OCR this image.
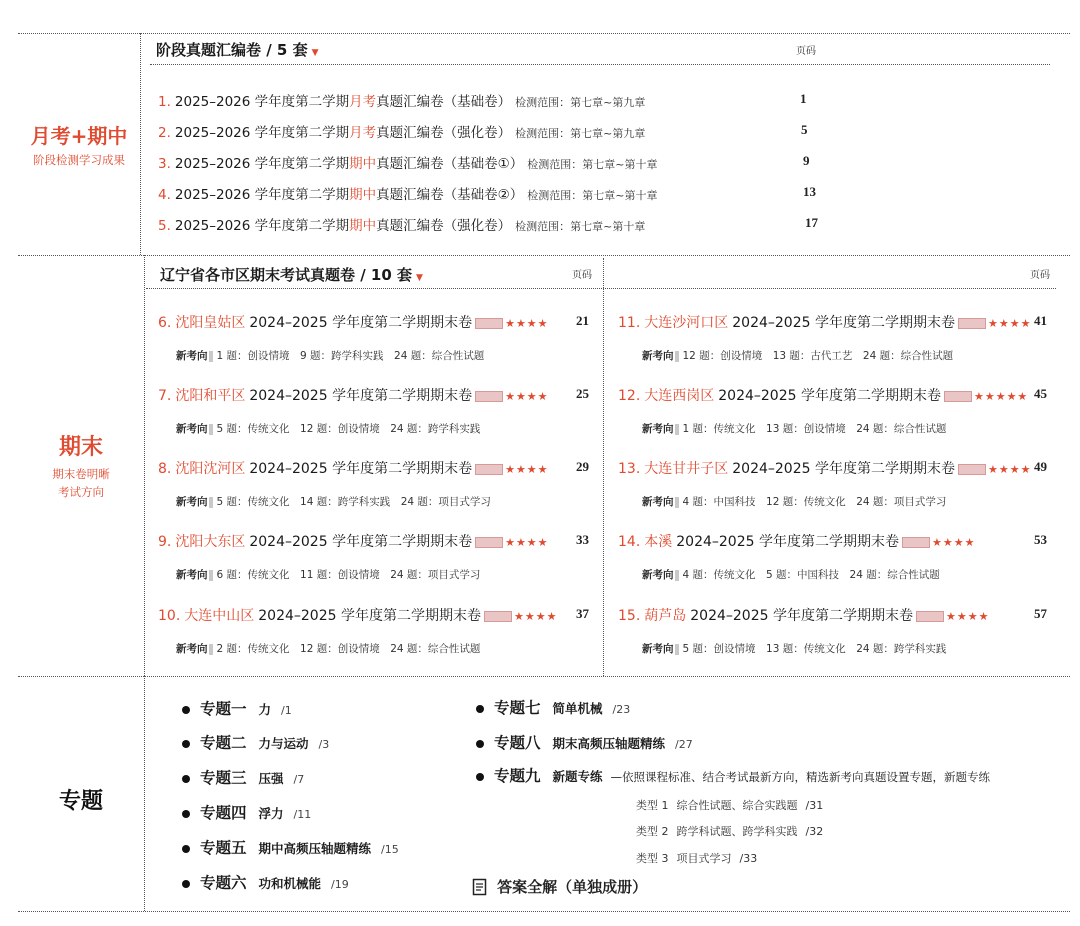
月考+期中
阶段检测学习成果
阶段真题汇编卷 / 5 套 ▼	页码
1. 2025–2026 学年度第二学期月考真题汇编卷（基础卷） 检测范围：第七章~第九章	1
2. 2025–2026 学年度第二学期月考真题汇编卷（强化卷） 检测范围：第七章~第九章	5
3. 2025–2026 学年度第二学期期中真题汇编卷（基础卷①） 检测范围：第七章~第十章	9
4. 2025–2026 学年度第二学期期中真题汇编卷（基础卷②） 检测范围：第七章~第十章	13
5. 2025–2026 学年度第二学期期中真题汇编卷（强化卷） 检测范围：第七章~第十章	17
期末
期末卷明晰
考试方向
辽宁省各市区期末考试真题卷 / 10 套 ▼	页码	页码
6. 沈阳皇姑区 2024–2025 学年度第二学期期末卷	★★★★ 21
新考向 1 题：创设情境　9 题：跨学科实践　24 题：综合性试题
7. 沈阳和平区 2024–2025 学年度第二学期期末卷	★★★★ 25
新考向 5 题：传统文化　12 题：创设情境　24 题：跨学科实践
8. 沈阳沈河区 2024–2025 学年度第二学期期末卷	★★★★ 29
新考向 5 题：传统文化　14 题：跨学科实践　24 题：项目式学习
9. 沈阳大东区 2024–2025 学年度第二学期期末卷	★★★★ 33
新考向 6 题：传统文化　11 题：创设情境　24 题：项目式学习
10. 大连中山区 2024–2025 学年度第二学期期末卷	★★★★ 37
新考向 2 题：传统文化　12 题：创设情境　24 题：综合性试题
11. 大连沙河口区 2024–2025 学年度第二学期期末卷	★★★★ 41
新考向 12 题：创设情境　13 题：古代工艺　24 题：综合性试题
12. 大连西岗区 2024–2025 学年度第二学期期末卷	★★★★★ 45
新考向 1 题：传统文化　13 题：创设情境　24 题：综合性试题
13. 大连甘井子区 2024–2025 学年度第二学期期末卷	★★★★ 49
新考向 4 题：中国科技　12 题：传统文化　24 题：项目式学习
14. 本溪 2024–2025 学年度第二学期期末卷	★★★★	53
新考向 4 题：传统文化　5 题：中国科技　24 题：综合性试题
15. 葫芦岛 2024–2025 学年度第二学期期末卷	★★★★	57
新考向 5 题：创设情境　13 题：传统文化　24 题：跨学科实践
专题
专题一 力 /1
专题二 力与运动 /3
专题三 压强 /7
专题四 浮力 /11
专题五 期中高频压轴题精练 /15
专题六 功和机械能 /19
专题七 简单机械 /23
专题八 期末高频压轴题精练 /27
专题九 新题专练 —依照课程标准、结合考试最新方向，精选新考向真题设置专题，新题专练
类型 1 综合性试题、综合实践题 /31
类型 2 跨学科试题、跨学科实践 /32
类型 3 项目式学习 /33
答案全解（单独成册）
